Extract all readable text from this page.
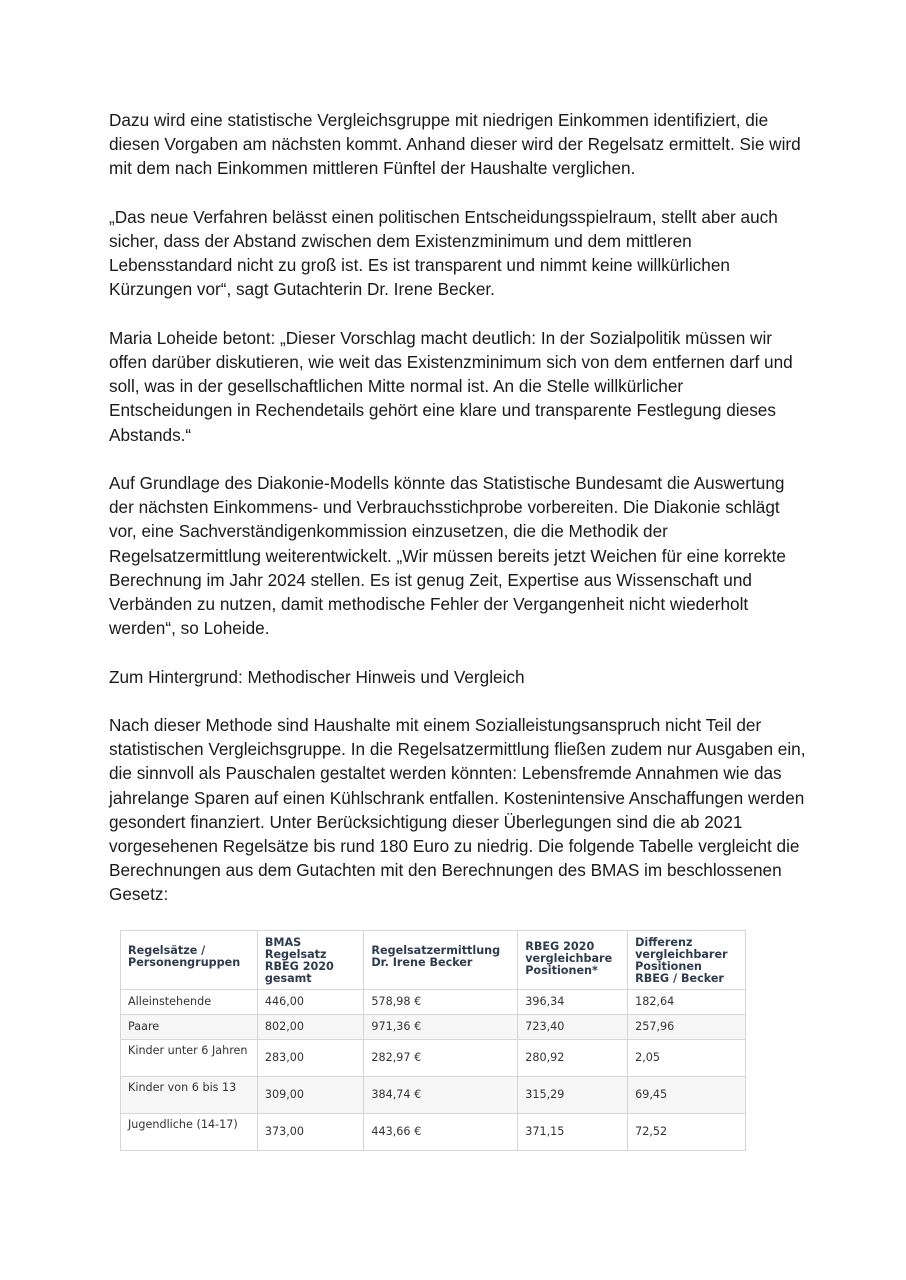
Dazu wird eine statistische Vergleichsgruppe mit niedrigen Einkommen identifiziert, die diesen Vorgaben am nächsten kommt. Anhand dieser wird der Regelsatz ermittelt. Sie wird mit dem nach Einkommen mittleren Fünftel der Haushalte verglichen.

„Das neue Verfahren belässt einen politischen Entscheidungsspielraum, stellt aber auch sicher, dass der Abstand zwischen dem Existenzminimum und dem mittleren Lebensstandard nicht zu groß ist. Es ist transparent und nimmt keine willkürlichen Kürzungen vor“, sagt Gutachterin Dr. Irene Becker.

Maria Loheide betont: „Dieser Vorschlag macht deutlich: In der Sozialpolitik müssen wir offen darüber diskutieren, wie weit das Existenzminimum sich von dem entfernen darf und soll, was in der gesellschaftlichen Mitte normal ist. An die Stelle willkürlicher Entscheidungen in Rechendetails gehört eine klare und transparente Festlegung dieses Abstands.“

Auf Grundlage des Diakonie-Modells könnte das Statistische Bundesamt die Auswertung der nächsten Einkommens- und Verbrauchsstichprobe vorbereiten. Die Diakonie schlägt vor, eine Sachverständigenkommission einzusetzen, die die Methodik der Regelsatzermittlung weiterentwickelt. „Wir müssen bereits jetzt Weichen für eine korrekte Berechnung im Jahr 2024 stellen. Es ist genug Zeit, Expertise aus Wissenschaft und Verbänden zu nutzen, damit methodische Fehler der Vergangenheit nicht wiederholt werden“, so Loheide.

Zum Hintergrund: Methodischer Hinweis und Vergleich

Nach dieser Methode sind Haushalte mit einem Sozialleistungsanspruch nicht Teil der statistischen Vergleichsgruppe. In die Regelsatzermittlung fließen zudem nur Ausgaben ein, die sinnvoll als Pauschalen gestaltet werden könnten: Lebensfremde Annahmen wie das jahrelange Sparen auf einen Kühlschrank entfallen. Kostenintensive Anschaffungen werden gesondert finanziert. Unter Berücksichtigung dieser Überlegungen sind die ab 2021 vorgesehenen Regelsätze bis rund 180 Euro zu niedrig. Die folgende Tabelle vergleicht die Berechnungen aus dem Gutachten mit den Berechnungen des BMAS im beschlossenen Gesetz:

Regelsätze / Personengruppen	BMAS Regelsatz RBEG 2020 gesamt	Regelsatzermittlung Dr. Irene Becker	RBEG 2020 vergleichbare Positionen*	Differenz vergleichbarer Positionen RBEG / Becker
Alleinstehende	446,00	578,98 €	396,34	182,64
Paare	802,00	971,36 €	723,40	257,96
Kinder unter 6 Jahren	283,00	282,97 €	280,92	2,05
Kinder von 6 bis 13	309,00	384,74 €	315,29	69,45
Jugendliche (14-17)	373,00	443,66 €	371,15	72,52
